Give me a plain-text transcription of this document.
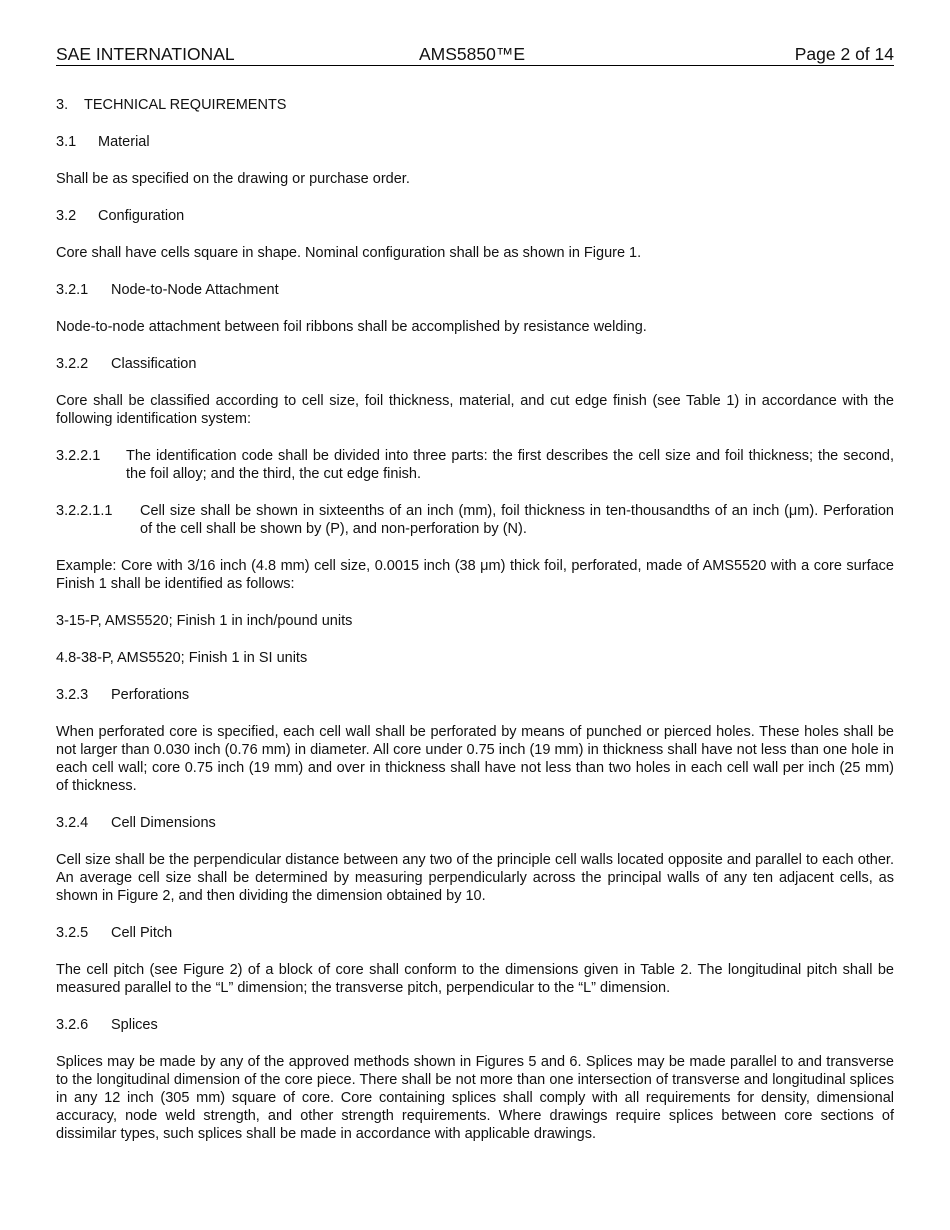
SAE INTERNATIONAL	AMS5850™E	Page 2 of 14
3.	TECHNICAL REQUIREMENTS
3.1	Material
Shall be as specified on the drawing or purchase order.
3.2	Configuration
Core shall have cells square in shape. Nominal configuration shall be as shown in Figure 1.
3.2.1	Node-to-Node Attachment
Node-to-node attachment between foil ribbons shall be accomplished by resistance welding.
3.2.2	Classification
Core shall be classified according to cell size, foil thickness, material, and cut edge finish (see Table 1) in accordance with the following identification system:
3.2.2.1	The identification code shall be divided into three parts: the first describes the cell size and foil thickness; the second, the foil alloy; and the third, the cut edge finish.
3.2.2.1.1	Cell size shall be shown in sixteenths of an inch (mm), foil thickness in ten-thousandths of an inch (μm). Perforation of the cell shall be shown by (P), and non-perforation by (N).
Example: Core with 3/16 inch (4.8 mm) cell size, 0.0015 inch (38 μm) thick foil, perforated, made of AMS5520 with a core surface Finish 1 shall be identified as follows:
3-15-P, AMS5520; Finish 1 in inch/pound units
4.8-38-P, AMS5520; Finish 1 in SI units
3.2.3	Perforations
When perforated core is specified, each cell wall shall be perforated by means of punched or pierced holes. These holes shall be not larger than 0.030 inch (0.76 mm) in diameter. All core under 0.75 inch (19 mm) in thickness shall have not less than one hole in each cell wall; core 0.75 inch (19 mm) and over in thickness shall have not less than two holes in each cell wall per inch (25 mm) of thickness.
3.2.4	Cell Dimensions
Cell size shall be the perpendicular distance between any two of the principle cell walls located opposite and parallel to each other. An average cell size shall be determined by measuring perpendicularly across the principal walls of any ten adjacent cells, as shown in Figure 2, and then dividing the dimension obtained by 10.
3.2.5	Cell Pitch
The cell pitch (see Figure 2) of a block of core shall conform to the dimensions given in Table 2. The longitudinal pitch shall be measured parallel to the “L” dimension; the transverse pitch, perpendicular to the “L” dimension.
3.2.6	Splices
Splices may be made by any of the approved methods shown in Figures 5 and 6. Splices may be made parallel to and transverse to the longitudinal dimension of the core piece. There shall be not more than one intersection of transverse and longitudinal splices in any 12 inch (305 mm) square of core. Core containing splices shall comply with all requirements for density, dimensional accuracy, node weld strength, and other strength requirements. Where drawings require splices between core sections of dissimilar types, such splices shall be made in accordance with applicable drawings.
